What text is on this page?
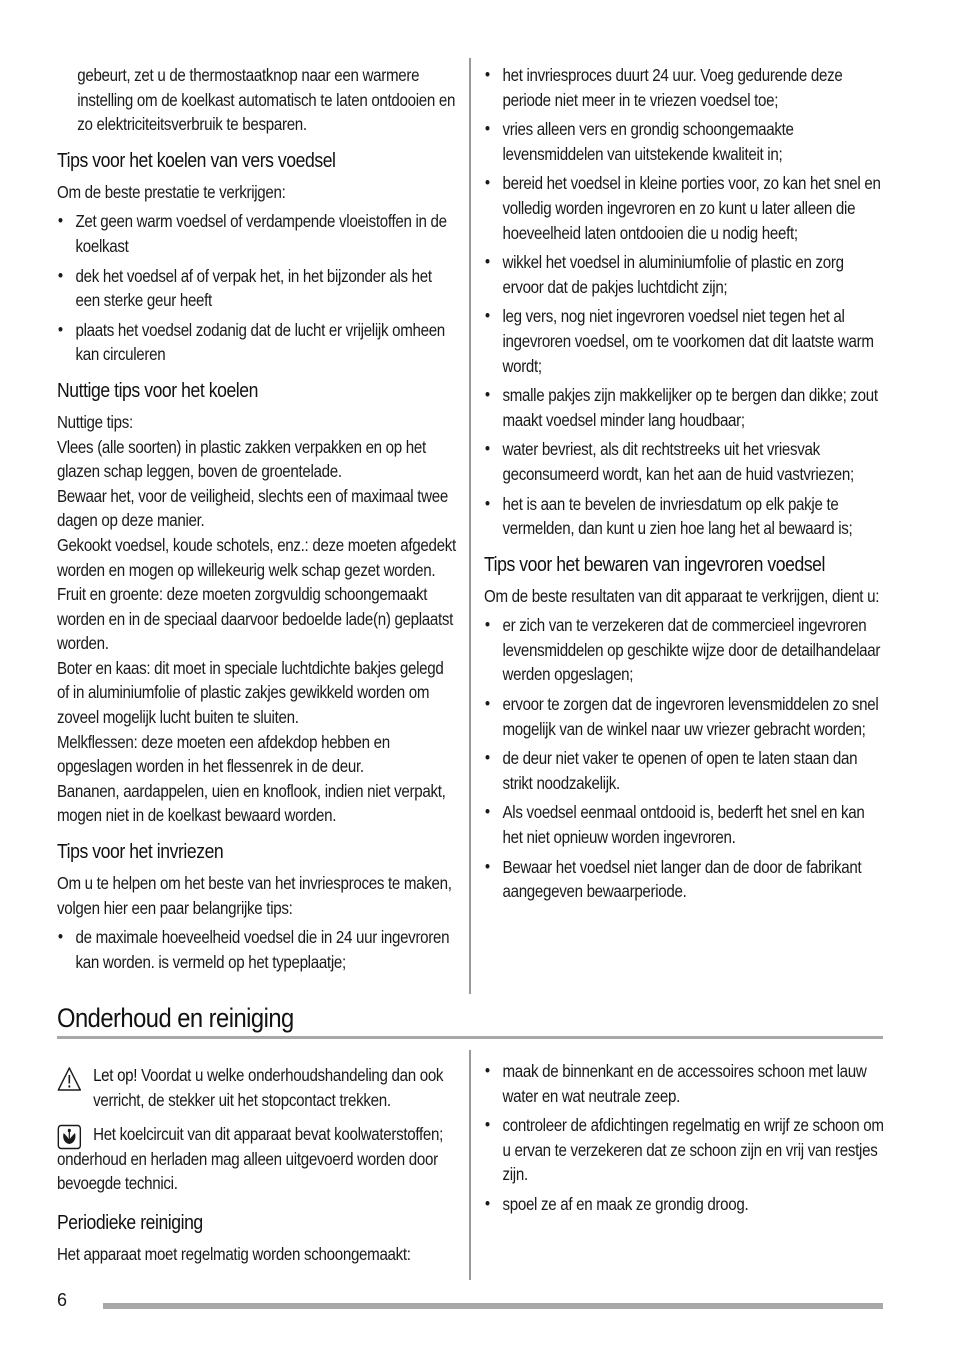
gebeurt, zet u de thermostaatknop naar een warmere instelling om de koelkast automatisch te laten ontdooien en zo elektriciteitsverbruik te besparen.

Tips voor het koelen van vers voedsel

Om de beste prestatie te verkrijgen:

• Zet geen warm voedsel of verdampende vloeistoffen in de koelkast
• dek het voedsel af of verpak het, in het bijzonder als het een sterke geur heeft
• plaats het voedsel zodanig dat de lucht er vrijelijk omheen kan circuleren
Nuttige tips voor het koelen

Nuttige tips:

Vlees (alle soorten) in plastic zakken verpakken en op het glazen schap leggen, boven de groentelade.

Bewaar het, voor de veiligheid, slechts een of maximaal twee dagen op deze manier.

Gekookt voedsel, koude schotels, enz.: deze moeten afgedekt worden en mogen op willekeurig welk schap gezet worden.

Fruit en groente: deze moeten zorgvuldig schoongemaakt worden en in de speciaal daarvoor bedoelde lade(n) geplaatst worden.

Boter en kaas: dit moet in speciale luchtdichte bakjes gelegd of in aluminiumfolie of plastic zakjes gewikkeld worden om zoveel mogelijk lucht buiten te sluiten.

Melkflessen: deze moeten een afdekdop hebben en opgeslagen worden in het flessenrek in de deur.

Bananen, aardappelen, uien en knoflook, indien niet verpakt, mogen niet in de koelkast bewaard worden.

Tips voor het invriezen

Om u te helpen om het beste van het invriesproces te maken, volgen hier een paar belangrijke tips:

• de maximale hoeveelheid voedsel die in 24 uur ingevroren kan worden. is vermeld op het typeplaatje;
• het invriesproces duurt 24 uur. Voeg gedurende deze periode niet meer in te vriezen voedsel toe;
• vries alleen vers en grondig schoongemaakte levensmiddelen van uitstekende kwaliteit in;
• bereid het voedsel in kleine porties voor, zo kan het snel en volledig worden ingevroren en zo kunt u later alleen die hoeveelheid laten ontdooien die u nodig heeft;
• wikkel het voedsel in aluminiumfolie of plastic en zorg ervoor dat de pakjes luchtdicht zijn;
• leg vers, nog niet ingevroren voedsel niet tegen het al ingevroren voedsel, om te voorkomen dat dit laatste warm wordt;
• smalle pakjes zijn makkelijker op te bergen dan dikke; zout maakt voedsel minder lang houdbaar;
• water bevriest, als dit rechtstreeks uit het vriesvak geconsumeerd wordt, kan het aan de huid vastvriezen;
• het is aan te bevelen de invriesdatum op elk pakje te vermelden, dan kunt u zien hoe lang het al bewaard is;
Tips voor het bewaren van ingevroren voedsel

Om de beste resultaten van dit apparaat te verkrijgen, dient u:

• er zich van te verzekeren dat de commercieel ingevroren levensmiddelen op geschikte wijze door de detailhandelaar werden opgeslagen;
• ervoor te zorgen dat de ingevroren levensmiddelen zo snel mogelijk van de winkel naar uw vriezer gebracht worden;
• de deur niet vaker te openen of open te laten staan dan strikt noodzakelijk.
• Als voedsel eenmaal ontdooid is, bederft het snel en kan het niet opnieuw worden ingevroren.
• Bewaar het voedsel niet langer dan de door de fabrikant aangegeven bewaarperiode.
Onderhoud en reiniging
Let op! Voordat u welke onderhoudshandeling dan ook verricht, de stekker uit het stopcontact trekken.
Het koelcircuit van dit apparaat bevat koolwaterstoffen; onderhoud en herladen mag alleen uitgevoerd worden door bevoegde technici.
Periodieke reiniging

Het apparaat moet regelmatig worden schoongemaakt:

• maak de binnenkant en de accessoires schoon met lauw water en wat neutrale zeep.
• controleer de afdichtingen regelmatig en wrijf ze schoon om u ervan te verzekeren dat ze schoon zijn en vrij van restjes zijn.
• spoel ze af en maak ze grondig droog.
6
